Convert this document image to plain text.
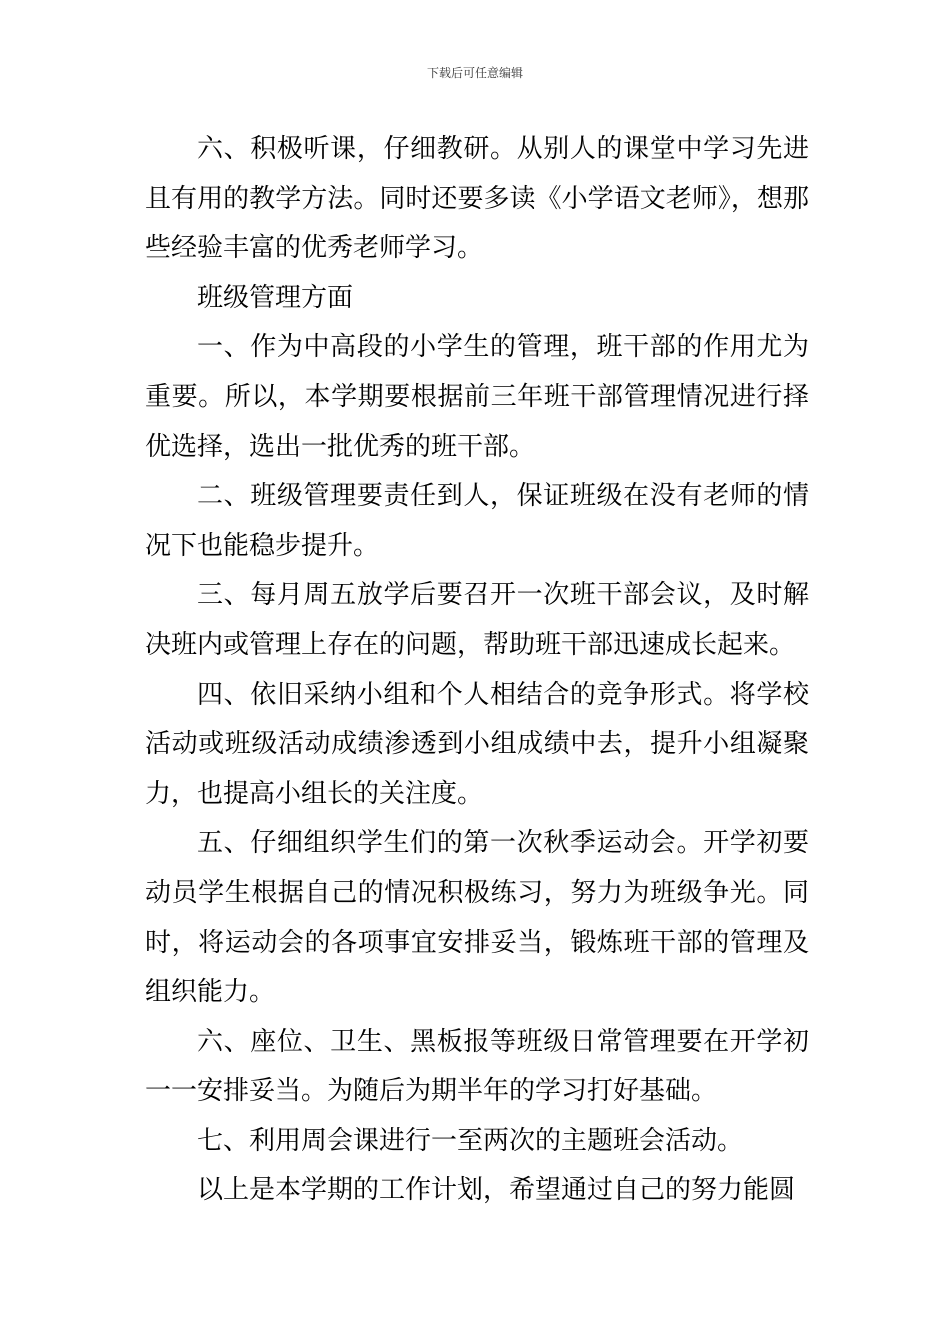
下载后可任意编辑

六、积极听课，仔细教研。从别人的课堂中学习先进且有用的教学方法。同时还要多读《小学语文老师》，想那些经验丰富的优秀老师学习。

班级管理方面

一、作为中高段的小学生的管理，班干部的作用尤为重要。所以，本学期要根据前三年班干部管理情况进行择优选择，选出一批优秀的班干部。

二、班级管理要责任到人，保证班级在没有老师的情况下也能稳步提升。

三、每月周五放学后要召开一次班干部会议，及时解决班内或管理上存在的问题，帮助班干部迅速成长起来。

四、依旧采纳小组和个人相结合的竞争形式。将学校活动或班级活动成绩渗透到小组成绩中去，提升小组凝聚力，也提高小组长的关注度。

五、仔细组织学生们的第一次秋季运动会。开学初要动员学生根据自己的情况积极练习，努力为班级争光。同时，将运动会的各项事宜安排妥当，锻炼班干部的管理及组织能力。

六、座位、卫生、黑板报等班级日常管理要在开学初一一安排妥当。为随后为期半年的学习打好基础。

七、利用周会课进行一至两次的主题班会活动。

以上是本学期的工作计划，希望通过自己的努力能圆
